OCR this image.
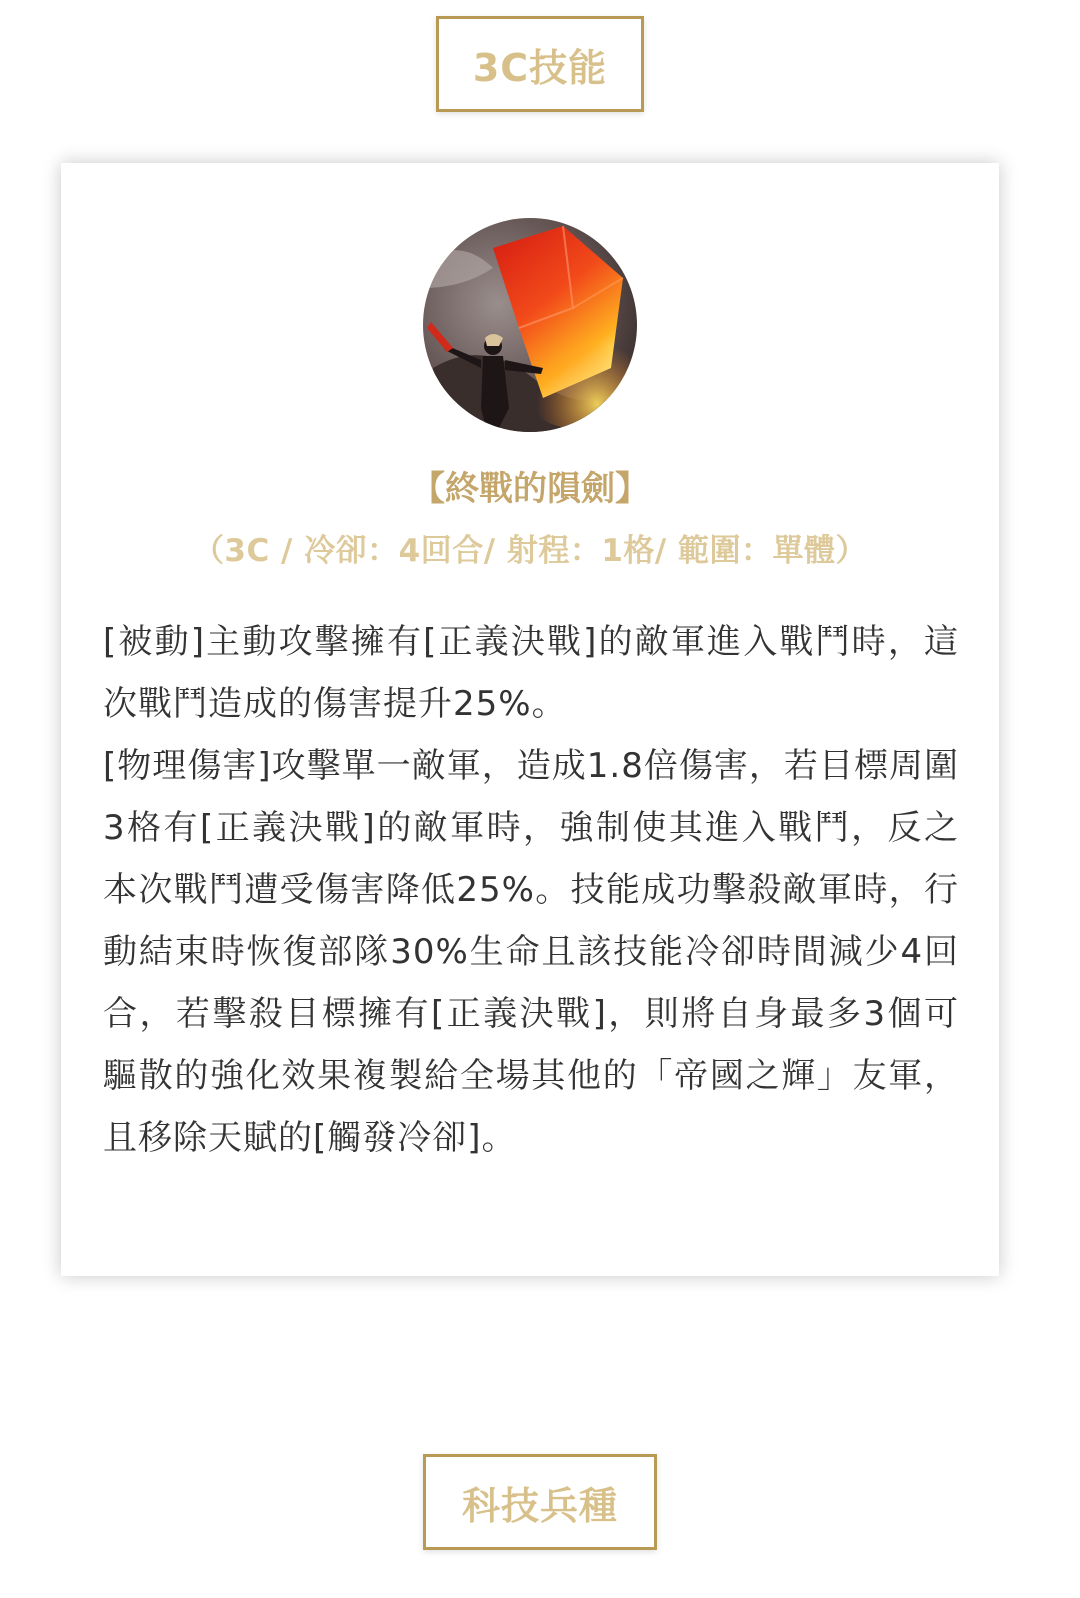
3C技能
【終戰的隕劍】
（3C / 冷卻：4回合/ 射程：1格/ 範圍：單體）

[被動]主動攻擊擁有[正義決戰]的敵軍進入戰鬥時，這次戰鬥造成的傷害提升25%。

[物理傷害]攻擊單一敵軍，造成1.8倍傷害，若目標周圍3格有[正義決戰]的敵軍時，強制使其進入戰鬥，反之本次戰鬥遭受傷害降低25%。技能成功擊殺敵軍時，行動結束時恢復部隊30%生命且該技能冷卻時間減少4回合，若擊殺目標擁有[正義決戰]，則將自身最多3個可驅散的強化效果複製給全場其他的「帝國之輝」友軍，且移除天賦的[觸發冷卻]。

科技兵種
